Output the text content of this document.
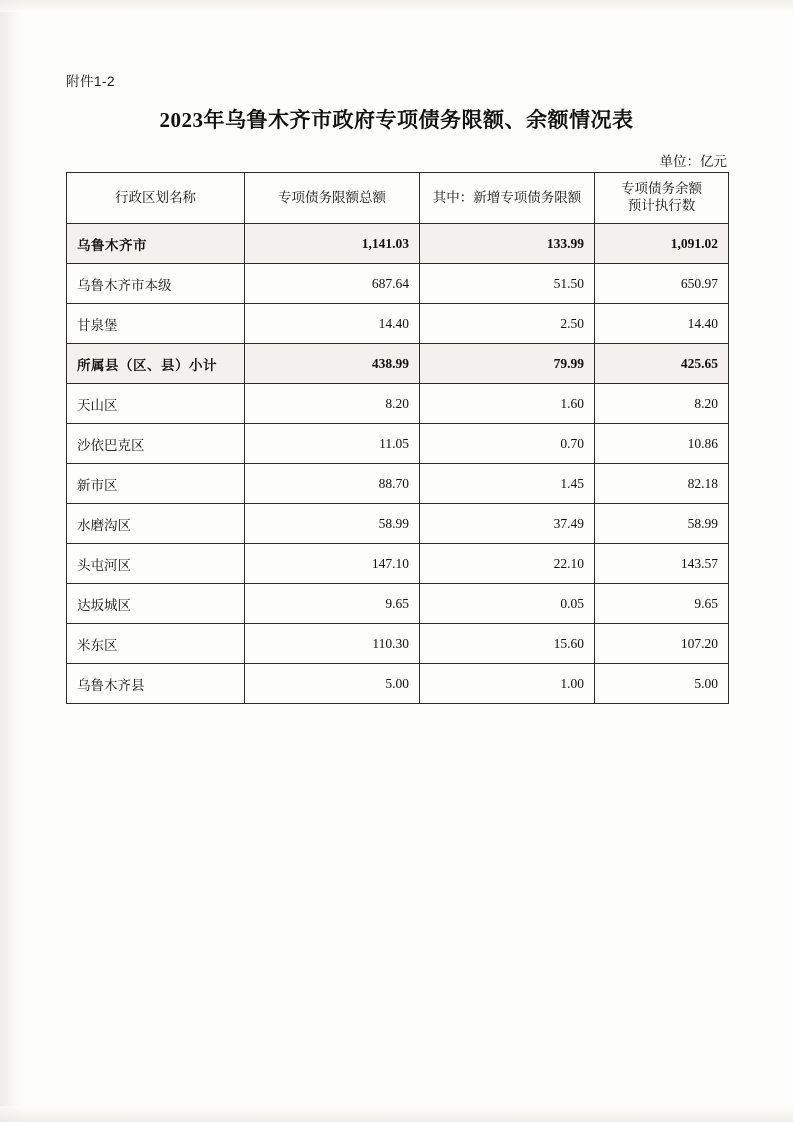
附件1-2
2023年乌鲁木齐市政府专项债务限额、余额情况表
单位：亿元
行政区划名称	专项债务限额总额	其中：新增专项债务限额	专项债务余额
预计执行数

乌鲁木齐市	1,141.03	133.99	1,091.02
乌鲁木齐市本级	687.64	51.50	650.97
甘泉堡	14.40	2.50	14.40
所属县（区、县）小计	438.99	79.99	425.65
天山区	8.20	1.60	8.20
沙依巴克区	11.05	0.70	10.86
新市区	88.70	1.45	82.18
水磨沟区	58.99	37.49	58.99
头屯河区	147.10	22.10	143.57
达坂城区	9.65	0.05	9.65
米东区	110.30	15.60	107.20
乌鲁木齐县	5.00	1.00	5.00
